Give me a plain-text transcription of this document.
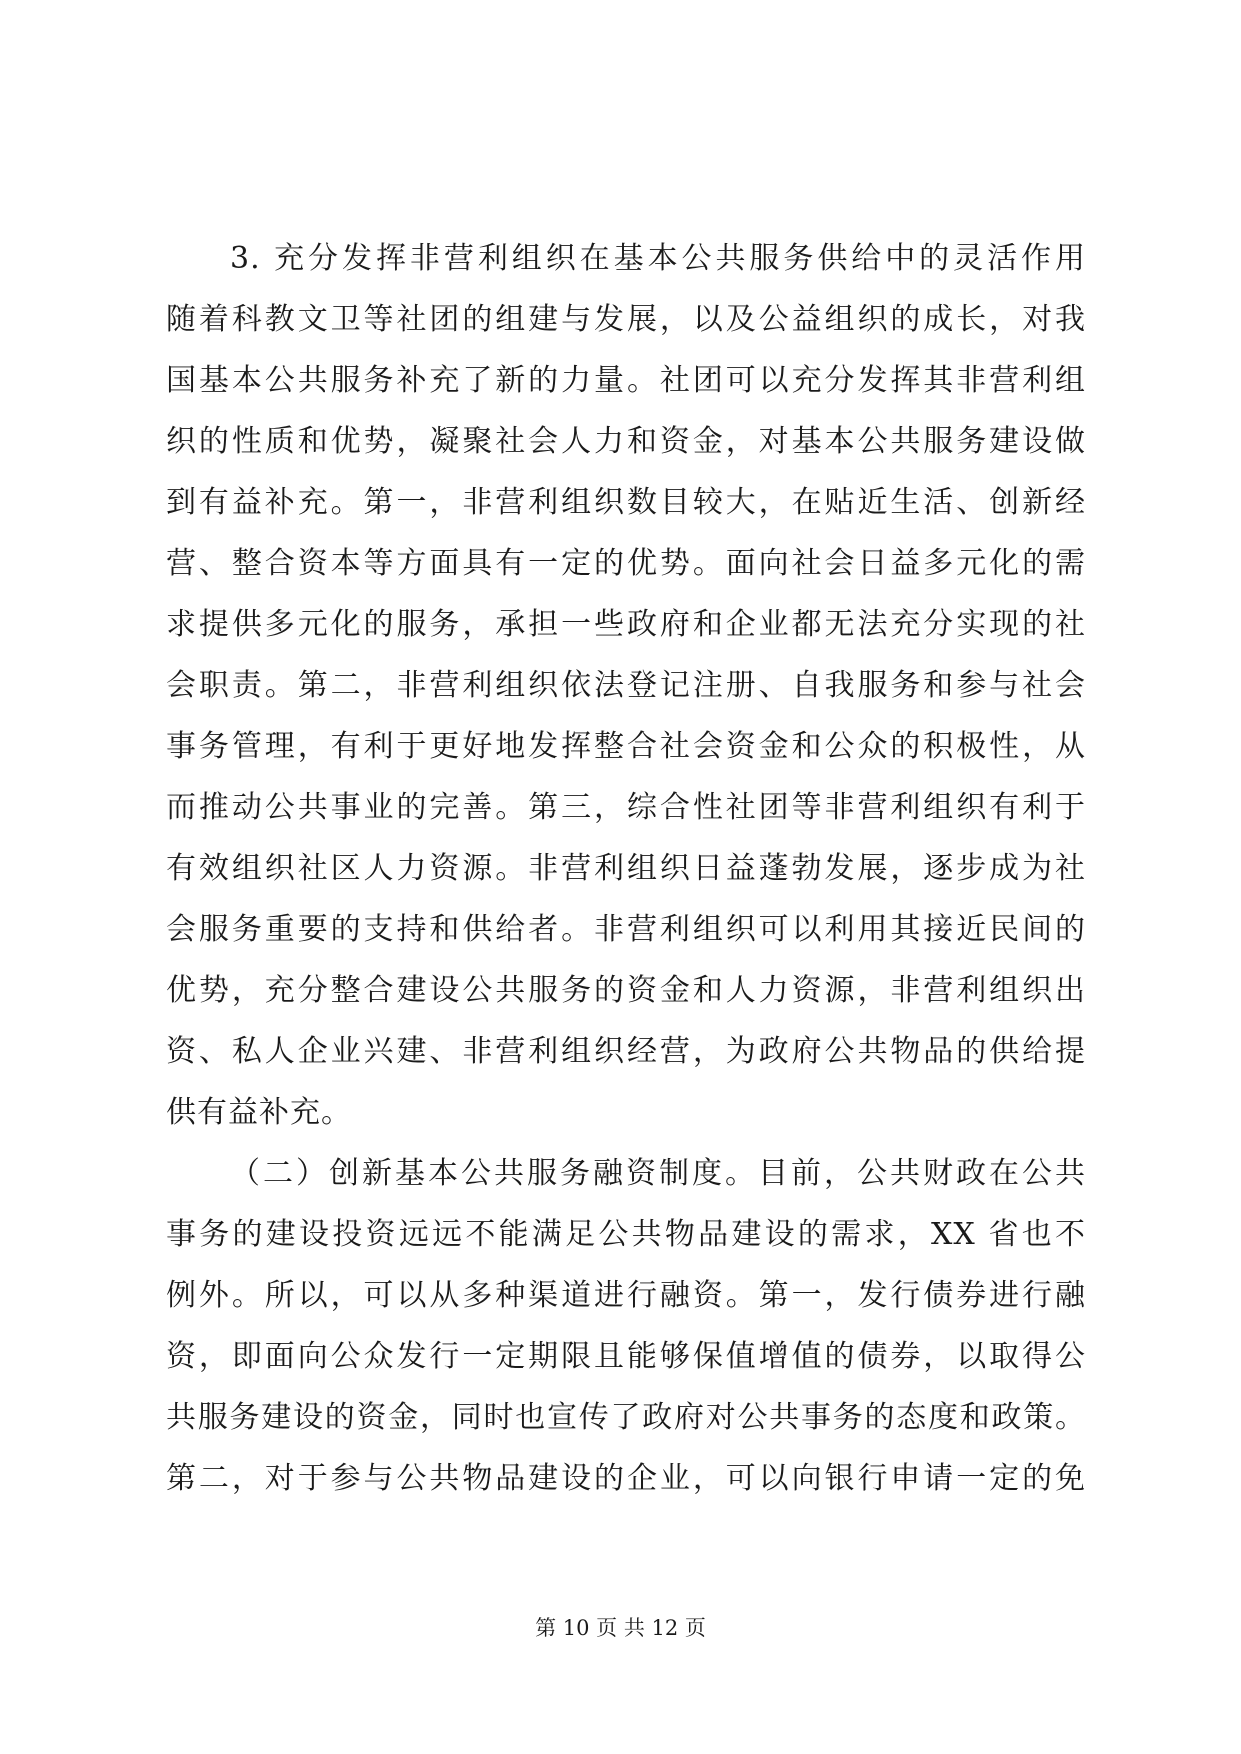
3. 充分发挥非营利组织在基本公共服务供给中的灵活作用
随着科教文卫等社团的组建与发展，以及公益组织的成长，对我
国基本公共服务补充了新的力量。社团可以充分发挥其非营利组
织的性质和优势，凝聚社会人力和资金，对基本公共服务建设做
到有益补充。第一，非营利组织数目较大，在贴近生活、创新经
营、整合资本等方面具有一定的优势。面向社会日益多元化的需
求提供多元化的服务，承担一些政府和企业都无法充分实现的社
会职责。第二，非营利组织依法登记注册、自我服务和参与社会
事务管理，有利于更好地发挥整合社会资金和公众的积极性，从
而推动公共事业的完善。第三，综合性社团等非营利组织有利于
有效组织社区人力资源。非营利组织日益蓬勃发展，逐步成为社
会服务重要的支持和供给者。非营利组织可以利用其接近民间的
优势，充分整合建设公共服务的资金和人力资源，非营利组织出
资、私人企业兴建、非营利组织经营，为政府公共物品的供给提
供有益补充。
（二）创新基本公共服务融资制度。目前，公共财政在公共
事务的建设投资远远不能满足公共物品建设的需求，XX 省也不
例外。所以，可以从多种渠道进行融资。第一，发行债券进行融
资，即面向公众发行一定期限且能够保值增值的债券，以取得公
共服务建设的资金，同时也宣传了政府对公共事务的态度和政策。
第二，对于参与公共物品建设的企业，可以向银行申请一定的免
第 10 页 共 12 页
